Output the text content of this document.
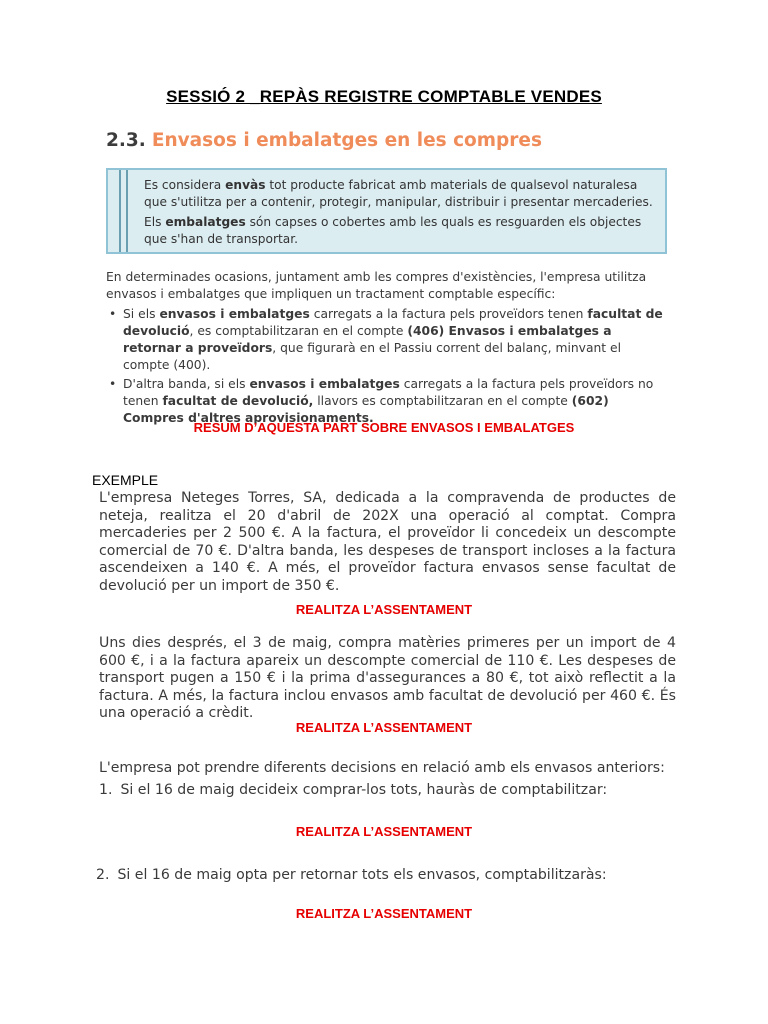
SESSIÓ 2 _REPÀS REGISTRE COMPTABLE VENDES
2.3. Envasos i embalatges en les compres

Es considera envàs tot producte fabricat amb materials de qualsevol naturalesa que s'utilitza per a contenir, protegir, manipular, distribuir i presentar mercaderies.

Els embalatges són capses o cobertes amb les quals es resguarden els objectes que s'han de transportar.

En determinades ocasions, juntament amb les compres d'existències, l'empresa utilitza envasos i embalatges que impliquen un tractament comptable específic:

• Si els envasos i embalatges carregats a la factura pels proveïdors tenen facultat de devolució, es comptabilitzaran en el compte (406) Envasos i embalatges a retornar a proveïdors, que figurarà en el Passiu corrent del balanç, minvant el compte (400).
• D'altra banda, si els envasos i embalatges carregats a la factura pels proveïdors no tenen facultat de devolució, llavors es comptabilitzaran en el compte (602) Compres d'altres aprovisionaments.
RESUM D’AQUESTA PART SOBRE ENVASOS I EMBALATGES
EXEMPLE
L'empresa Neteges Torres, SA, dedicada a la compravenda de productes de neteja, realitza el 20 d'abril de 202X una operació al comptat. Compra mercaderies per 2 500 €. A la factura, el proveïdor li concedeix un descompte comercial de 70 €. D'altra banda, les despeses de transport incloses a la factura ascendeixen a 140 €. A més, el proveïdor factura envasos sense facultat de devolució per un import de 350 €.
REALITZA L’ASSENTAMENT
Uns dies després, el 3 de maig, compra matèries primeres per un import de 4 600 €, i a la factura apareix un descompte comercial de 110 €. Les despeses de transport pugen a 150 € i la prima d'assegurances a 80 €, tot això reflectit a la factura. A més, la factura inclou envasos amb facultat de devolució per 460 €. És una operació a crèdit.
REALITZA L’ASSENTAMENT
L'empresa pot prendre diferents decisions en relació amb els envasos anteriors:
1. Si el 16 de maig decideix comprar-los tots, hauràs de comptabilitzar:
REALITZA L’ASSENTAMENT
2. Si el 16 de maig opta per retornar tots els envasos, comptabilitzaràs:
REALITZA L’ASSENTAMENT
